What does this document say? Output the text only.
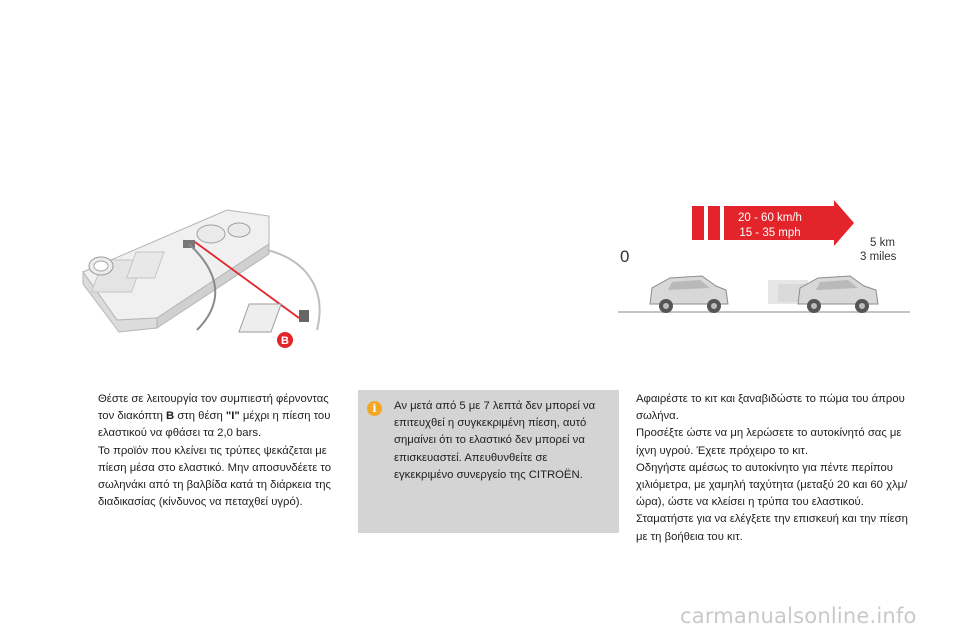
B
20 - 60 km/h
15 - 35 mph
0
5 km
3 miles
Θέστε σε λειτουργία τον συμπιεστή φέρνοντας τον διακόπτη B στη θέση "I" μέχρι η πίεση του ελαστικού να φθάσει τα 2,0 bars.
Το προϊόν που κλείνει τις τρύπες ψεκάζεται με πίεση μέσα στο ελαστικό. Μην αποσυνδέετε το σωληνάκι από τη βαλβίδα κατά τη διάρκεια της διαδικασίας (κίνδυνος να πεταχθεί υγρό).
i	Αν μετά από 5 με 7 λεπτά δεν μπορεί να επιτευχθεί η συγκεκριμένη πίεση, αυτό σημαίνει ότι το ελαστικό δεν μπορεί να επισκευαστεί. Απευθυνθείτε σε εγκεκριμένο συνεργείο της CITROËN.
Αφαιρέστε το κιτ και ξαναβιδώστε το πώμα του άπρου σωλήνα.
Προσέξτε ώστε να μη λερώσετε το αυτοκίνητό σας με ίχνη υγρού. Έχετε πρόχειρο το κιτ.
Οδηγήστε αμέσως το αυτοκίνητο για πέντε περίπου χιλιόμετρα, με χαμηλή ταχύτητα (μεταξύ 20 και 60 χλμ/ώρα), ώστε να κλείσει η τρύπα του ελαστικού.
Σταματήστε για να ελέγξετε την επισκευή και την πίεση με τη βοήθεια του κιτ.
carmanualsonline.info
